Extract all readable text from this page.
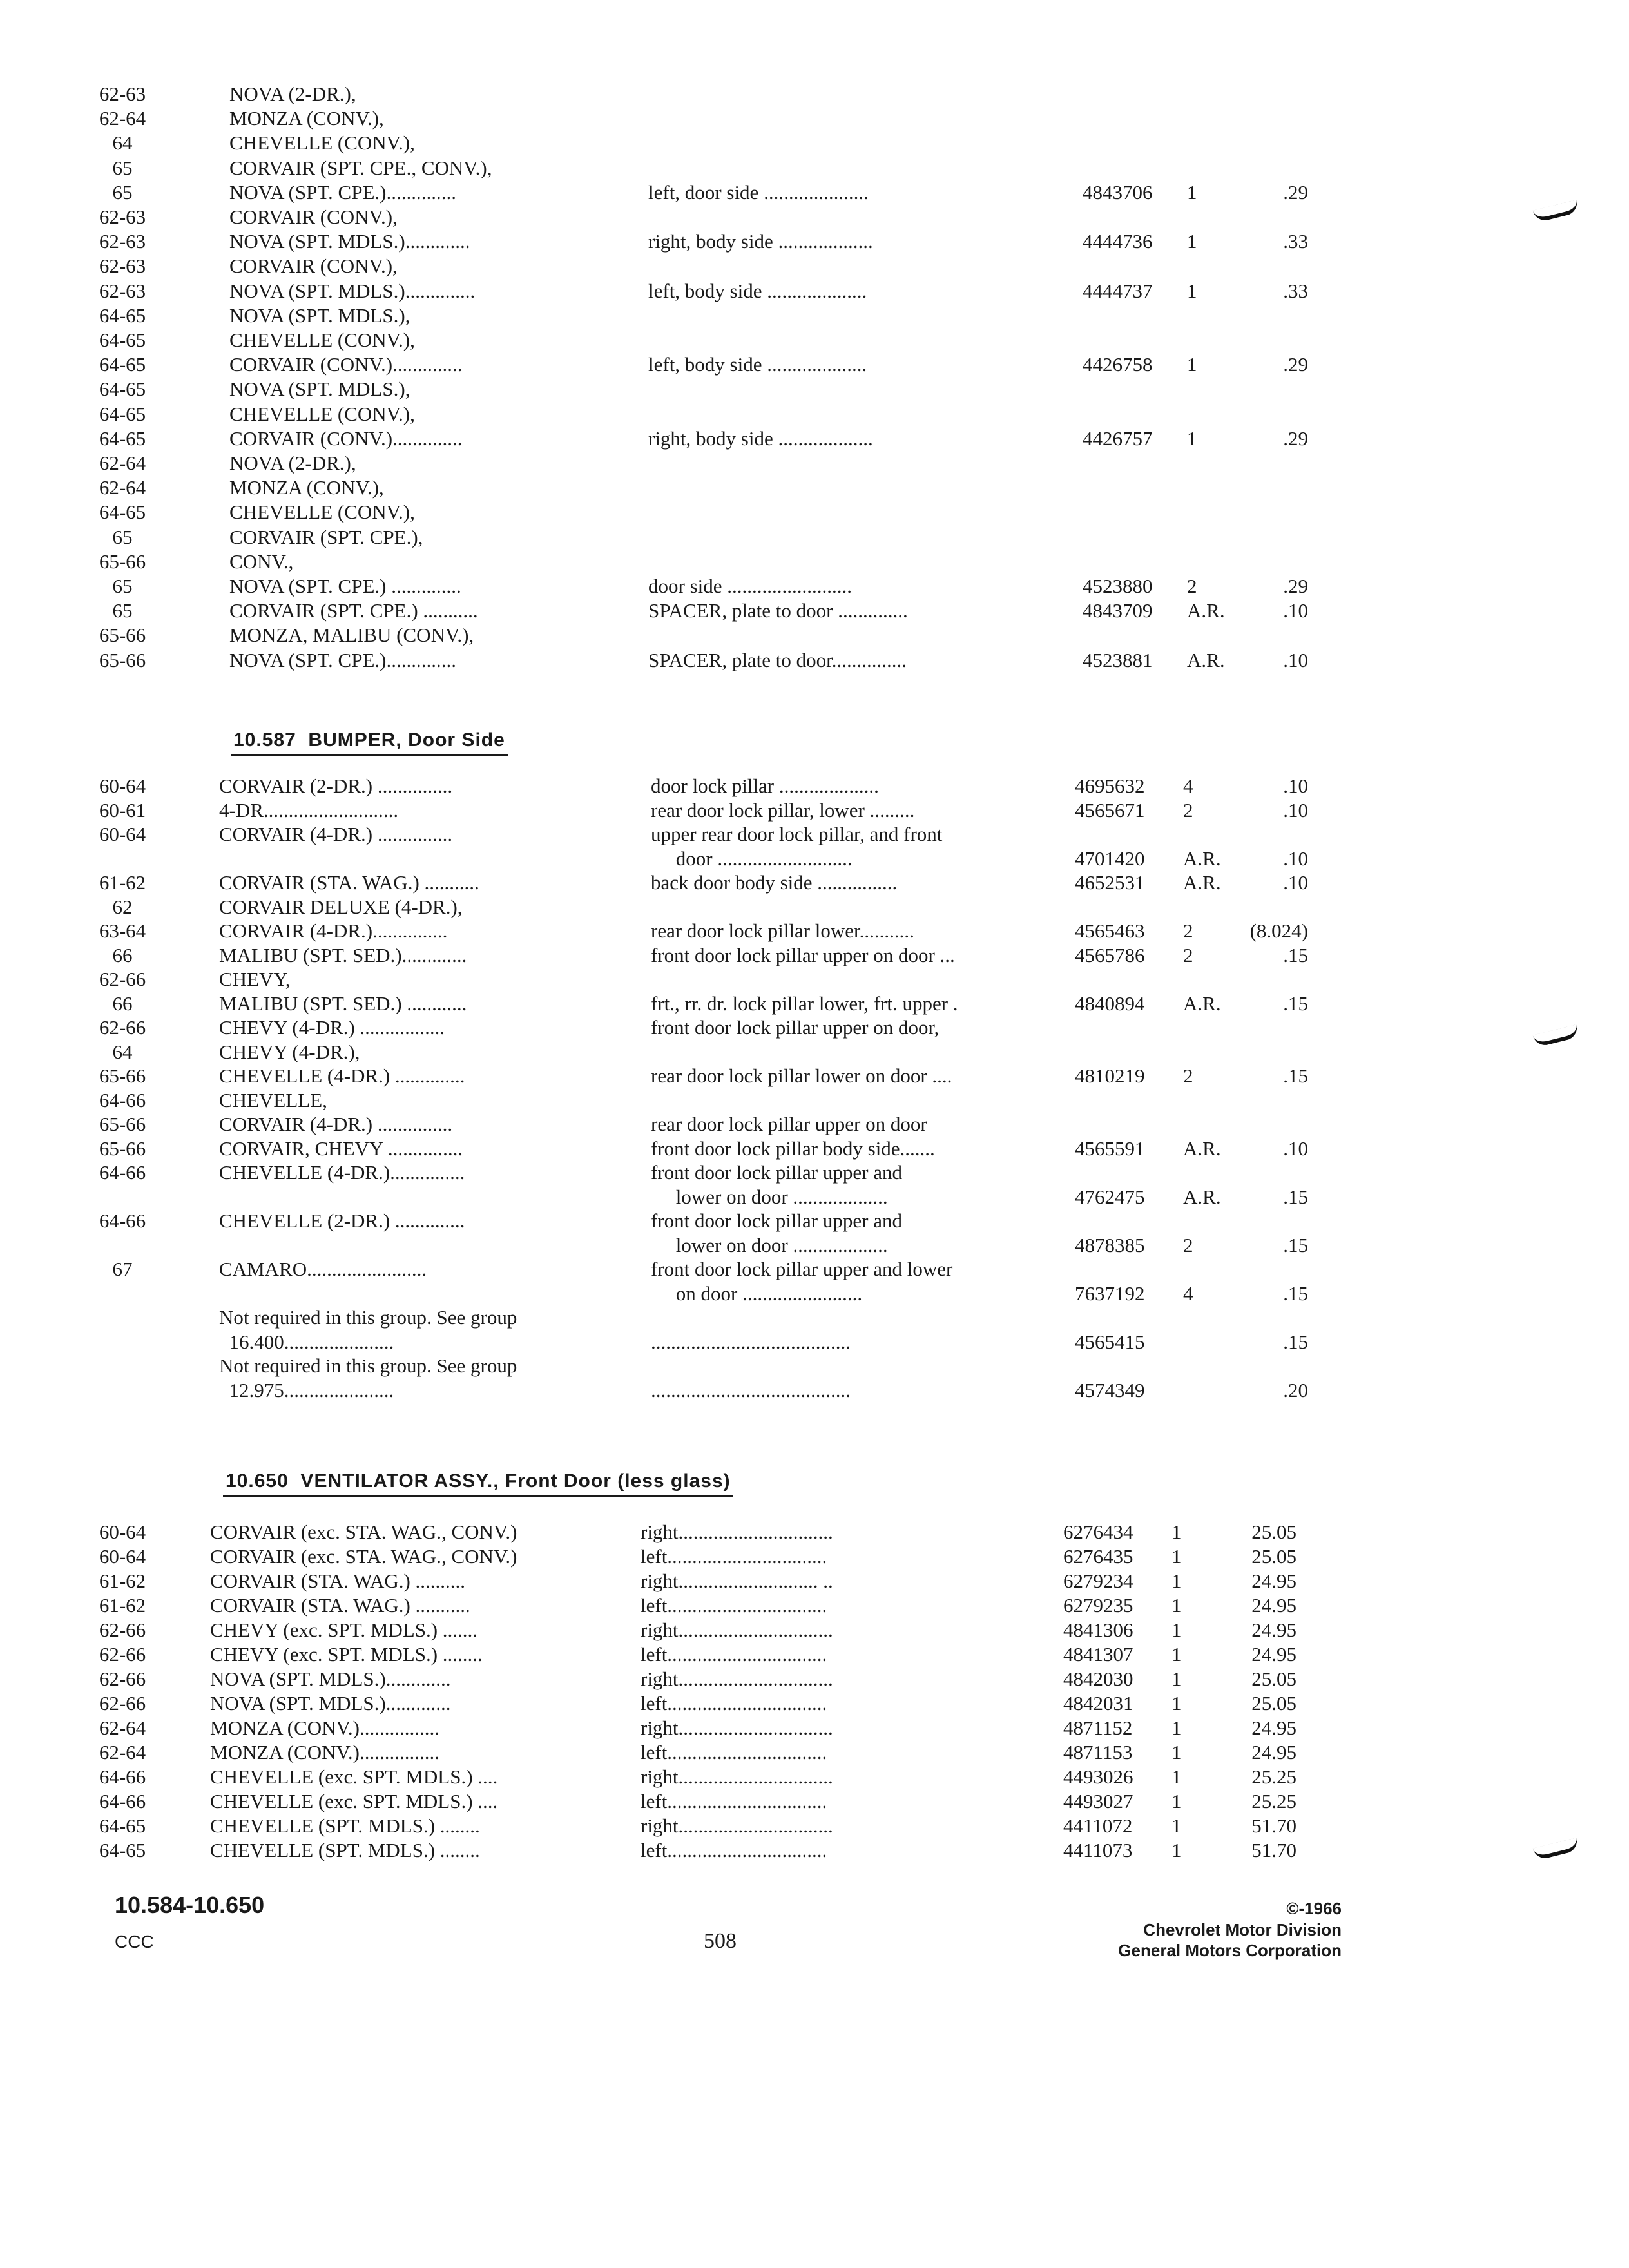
62-63	NOVA (2-DR.),
62-64	MONZA (CONV.),
64	CHEVELLE (CONV.),
65	CORVAIR (SPT. CPE., CONV.),
65	NOVA (SPT. CPE.)..............	left, door side .....................	4843706 1	.29
62-63	CORVAIR (CONV.),
62-63	NOVA (SPT. MDLS.).............	right, body side ...................	4444736 1	.33
62-63	CORVAIR (CONV.),
62-63	NOVA (SPT. MDLS.)..............	left, body side ....................	4444737 1	.33
64-65	NOVA (SPT. MDLS.),
64-65	CHEVELLE (CONV.),
64-65	CORVAIR (CONV.)..............	left, body side ....................	4426758 1	.29
64-65	NOVA (SPT. MDLS.),
64-65	CHEVELLE (CONV.),
64-65	CORVAIR (CONV.)..............	right, body side ...................	4426757 1	.29
62-64	NOVA (2-DR.),
62-64	MONZA (CONV.),
64-65	CHEVELLE (CONV.),
65	CORVAIR (SPT. CPE.),
65-66	CONV.,
65	NOVA (SPT. CPE.) ..............	door side .........................	4523880 2	.29
65	CORVAIR (SPT. CPE.) ...........	SPACER, plate to door ..............	4843709 A.R.	.10
65-66	MONZA, MALIBU (CONV.),
65-66	NOVA (SPT. CPE.)..............	SPACER, plate to door...............	4523881 A.R.	.10
60-64	CORVAIR (2-DR.) ...............	door lock pillar ....................	4695632 4	.10
60-61	4-DR...........................	rear door lock pillar, lower .........	4565671 2	.10
60-64	CORVAIR (4-DR.) ...............	upper rear door lock pillar, and front
door ...........................	4701420 A.R.	.10
61-62	CORVAIR (STA. WAG.) ...........	back door body side ................	4652531 A.R.	.10
62	CORVAIR DELUXE (4-DR.),
63-64	CORVAIR (4-DR.)...............	rear door lock pillar lower...........	4565463 2	(8.024)
66	MALIBU (SPT. SED.).............	front door lock pillar upper on door ...	4565786 2	.15
62-66	CHEVY,
66	MALIBU (SPT. SED.) ............	frt., rr. dr. lock pillar lower, frt. upper .	4840894 A.R.	.15
62-66	CHEVY (4-DR.) .................	front door lock pillar upper on door,
64	CHEVY (4-DR.),
65-66	CHEVELLE (4-DR.) ..............	rear door lock pillar lower on door ....	4810219 2	.15
64-66	CHEVELLE,
65-66	CORVAIR (4-DR.) ...............	rear door lock pillar upper on door
65-66	CORVAIR, CHEVY ...............	front door lock pillar body side.......	4565591 A.R.	.10
64-66	CHEVELLE (4-DR.)...............	front door lock pillar upper and
lower on door ...................	4762475 A.R.	.15
64-66	CHEVELLE (2-DR.) ..............	front door lock pillar upper and
lower on door ...................	4878385 2	.15
67	CAMARO........................	front door lock pillar upper and lower
on door ........................	7637192 4	.15
Not required in this group. See group
16.400......................	........................................	4565415	.15
Not required in this group. See group
12.975......................	........................................	4574349	.20
60-64	CORVAIR (exc. STA. WAG., CONV.)	right...............................	6276434 1	25.05
60-64	CORVAIR (exc. STA. WAG., CONV.)	left................................	6276435 1	25.05
61-62	CORVAIR (STA. WAG.) ..........	right............................ ..	6279234 1	24.95
61-62	CORVAIR (STA. WAG.) ...........	left................................	6279235 1	24.95
62-66	CHEVY (exc. SPT. MDLS.) .......	right...............................	4841306 1	24.95
62-66	CHEVY (exc. SPT. MDLS.) ........	left................................	4841307 1	24.95
62-66	NOVA (SPT. MDLS.).............	right...............................	4842030 1	25.05
62-66	NOVA (SPT. MDLS.).............	left................................	4842031 1	25.05
62-64	MONZA (CONV.)................	right...............................	4871152 1	24.95
62-64	MONZA (CONV.)................	left................................	4871153 1	24.95
64-66	CHEVELLE (exc. SPT. MDLS.) ....	right...............................	4493026 1	25.25
64-66	CHEVELLE (exc. SPT. MDLS.) ....	left................................	4493027 1	25.25
64-65	CHEVELLE (SPT. MDLS.) ........	right...............................	4411072 1	51.70
64-65	CHEVELLE (SPT. MDLS.) ........	left................................	4411073 1	51.70
10.587  BUMPER, Door Side
10.650  VENTILATOR ASSY., Front Door (less glass)
10.584-10.650
CCC	508
©-1966
Chevrolet Motor Division
General Motors Corporation
